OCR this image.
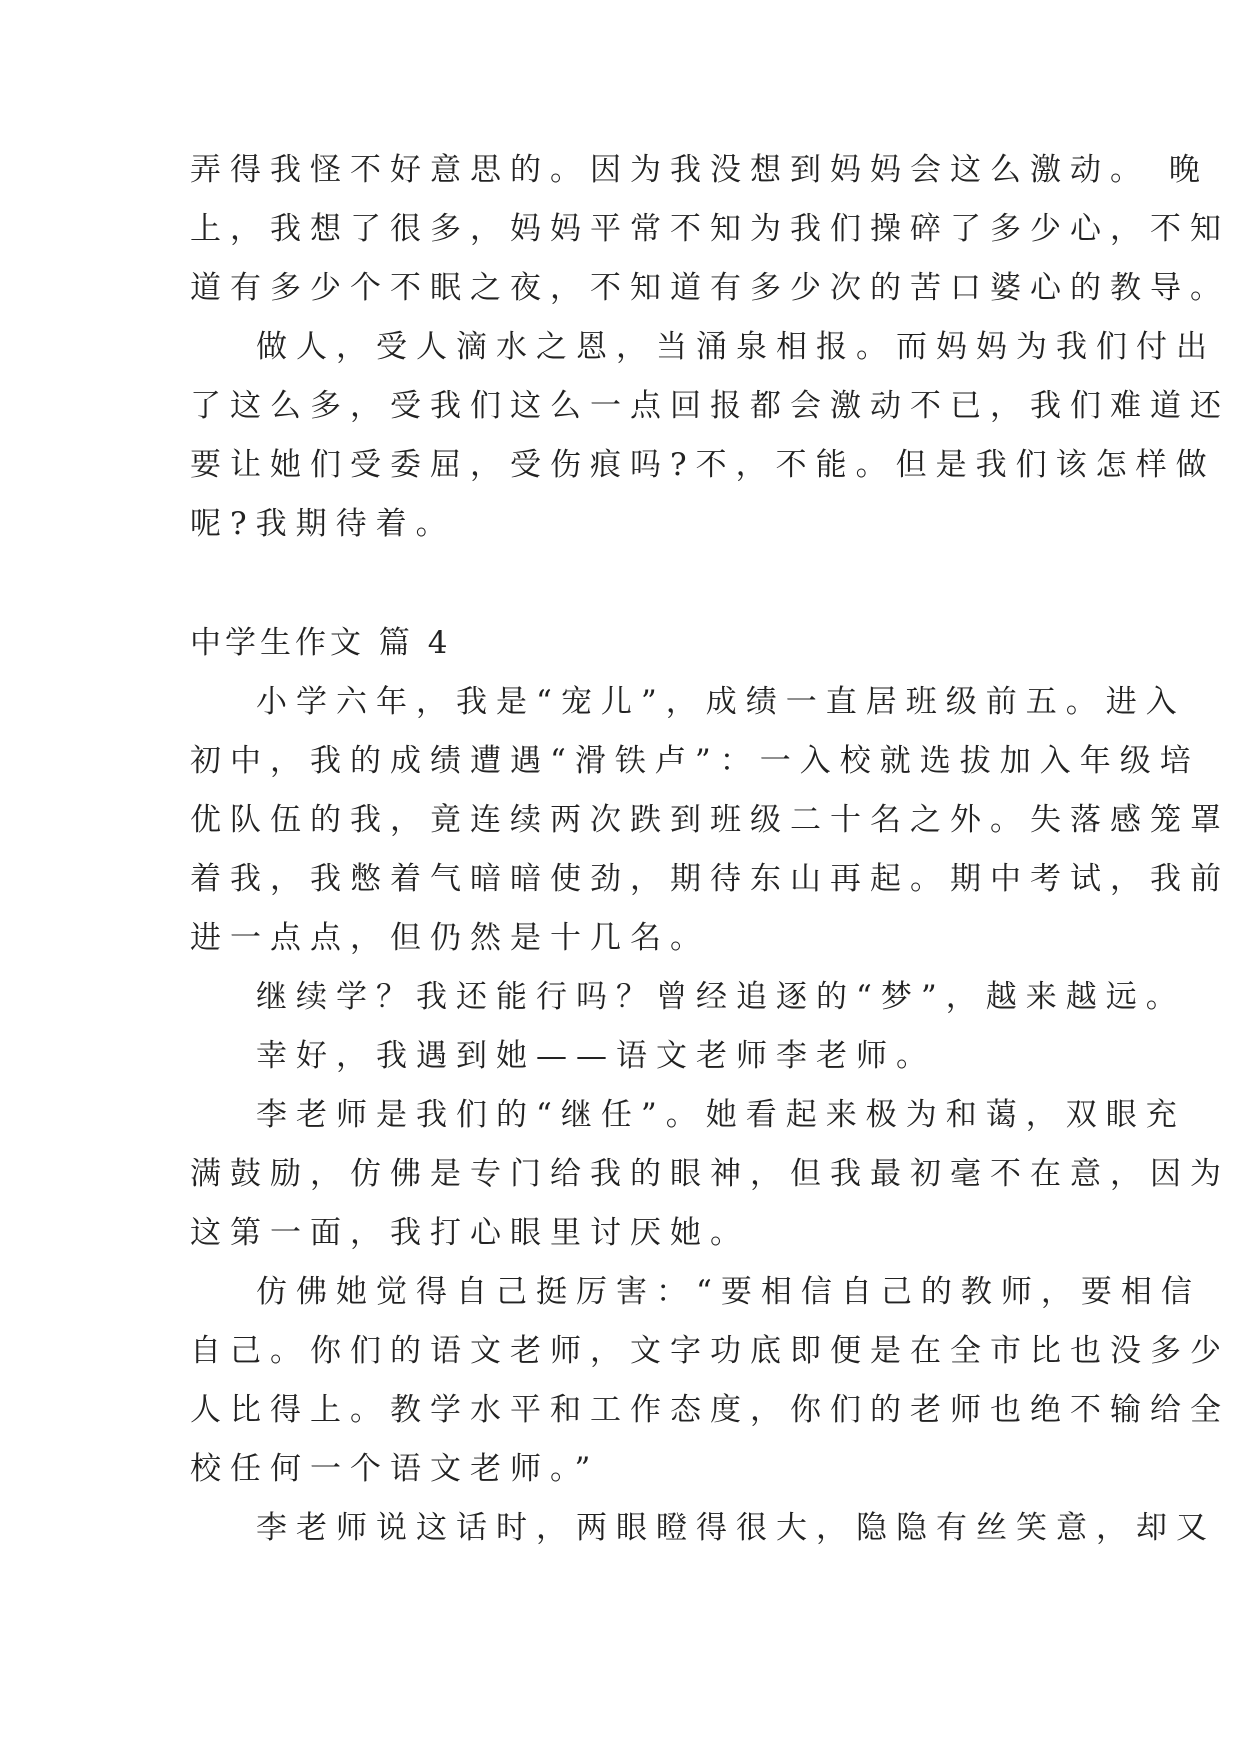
弄得我怪不好意思的。因为我没想到妈妈会这么激动。 晚
上，我想了很多，妈妈平常不知为我们操碎了多少心，不知
道有多少个不眠之夜，不知道有多少次的苦口婆心的教导。
做人，受人滴水之恩，当涌泉相报。而妈妈为我们付出
了这么多，受我们这么一点回报都会激动不已，我们难道还
要让她们受委屈，受伤痕吗?不，不能。但是我们该怎样做
呢?我期待着。
中学生作文 篇 4
小学六年，我是“宠儿”，成绩一直居班级前五。进入
初中，我的成绩遭遇“滑铁卢”：一入校就选拔加入年级培
优队伍的我，竟连续两次跌到班级二十名之外。失落感笼罩
着我，我憋着气暗暗使劲，期待东山再起。期中考试，我前
进一点点，但仍然是十几名。
继续学？我还能行吗？曾经追逐的“梦”，越来越远。
幸好，我遇到她——语文老师李老师。
李老师是我们的“继任”。她看起来极为和蔼，双眼充
满鼓励，仿佛是专门给我的眼神，但我最初毫不在意，因为
这第一面，我打心眼里讨厌她。
仿佛她觉得自己挺厉害：“要相信自己的教师，要相信
自己。你们的语文老师，文字功底即便是在全市比也没多少
人比得上。教学水平和工作态度，你们的老师也绝不输给全
校任何一个语文老师。”
李老师说这话时，两眼瞪得很大，隐隐有丝笑意，却又
